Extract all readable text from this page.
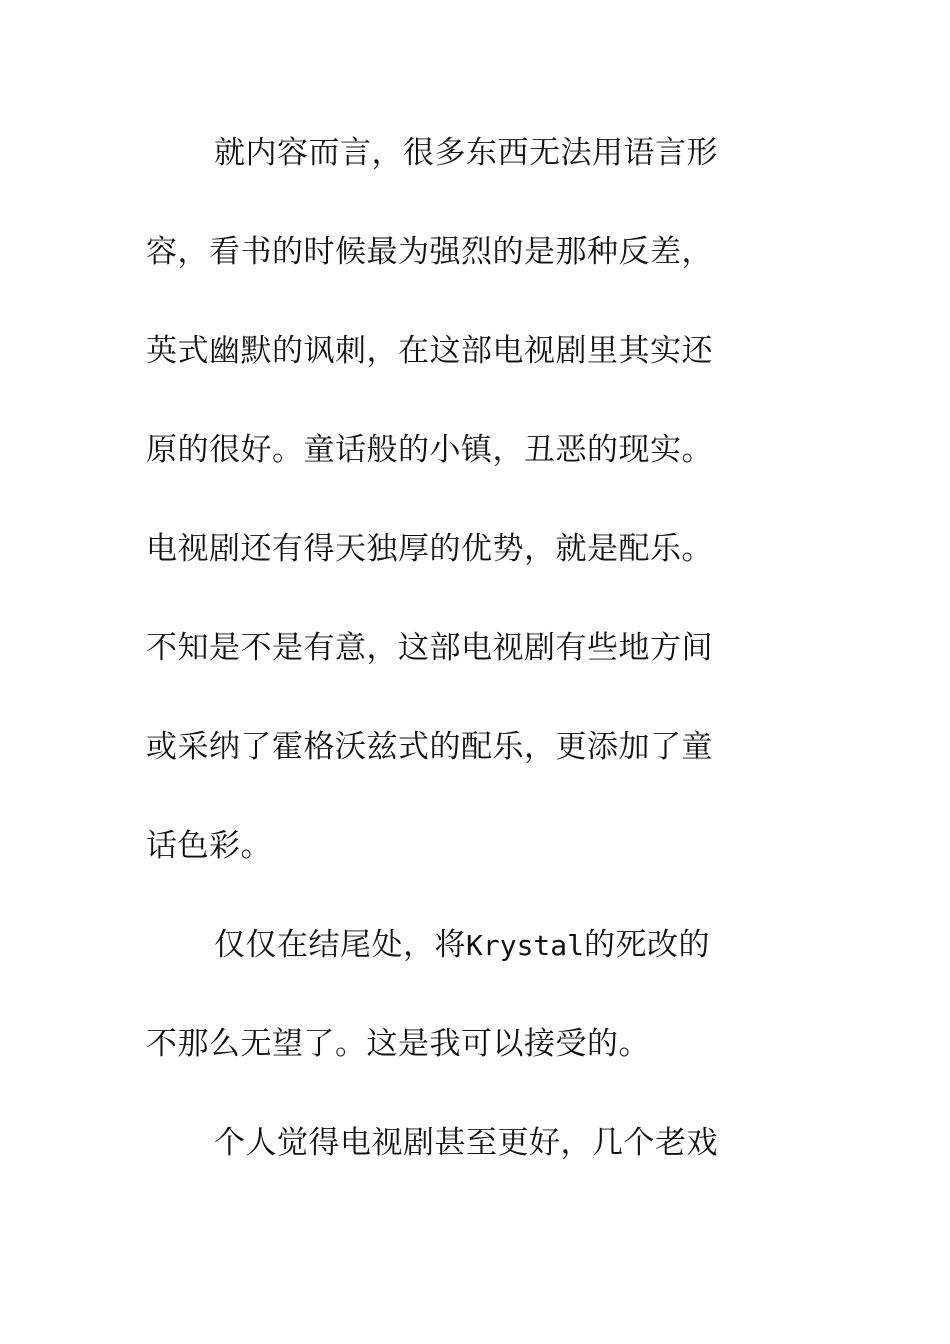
就内容而言，很多东西无法用语言形
容，看书的时候最为强烈的是那种反差，
英式幽默的讽刺，在这部电视剧里其实还
原的很好。童话般的小镇，丑恶的现实。
电视剧还有得天独厚的优势，就是配乐。
不知是不是有意，这部电视剧有些地方间
或采纳了霍格沃兹式的配乐，更添加了童
话色彩。
仅仅在结尾处，将Krystal的死改的
不那么无望了。这是我可以接受的。
个人觉得电视剧甚至更好，几个老戏
